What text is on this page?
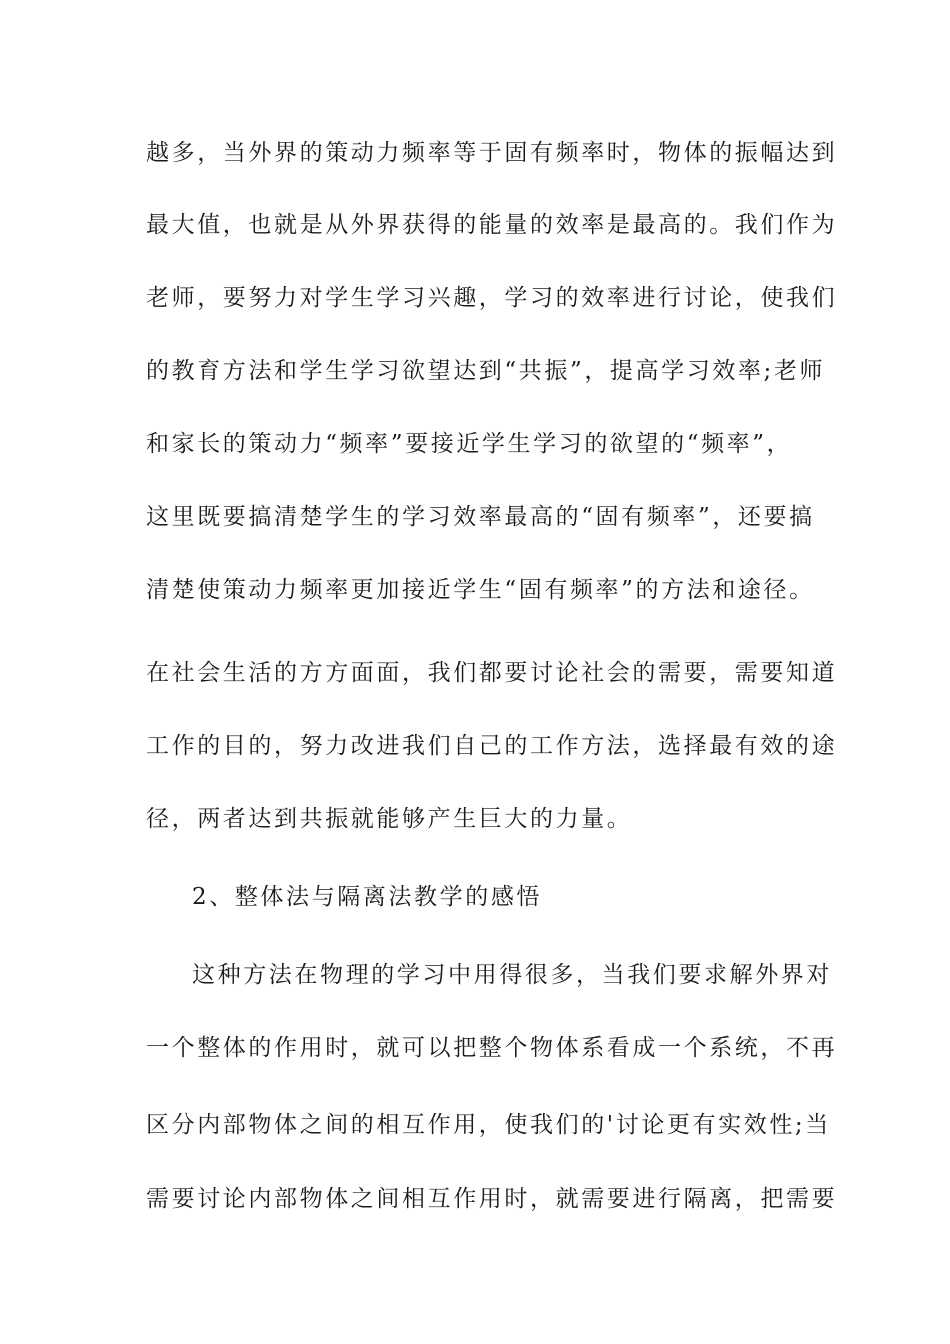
越多，当外界的策动力频率等于固有频率时，物体的振幅达到
最大值，也就是从外界获得的能量的效率是最高的。我们作为
老师，要努力对学生学习兴趣，学习的效率进行讨论，使我们
的教育方法和学生学习欲望达到“共振”，提高学习效率;老师
和家长的策动力“频率”要接近学生学习的欲望的“频率”，
这里既要搞清楚学生的学习效率最高的“固有频率”，还要搞
清楚使策动力频率更加接近学生“固有频率”的方法和途径。
在社会生活的方方面面，我们都要讨论社会的需要，需要知道
工作的目的，努力改进我们自己的工作方法，选择最有效的途
径，两者达到共振就能够产生巨大的力量。
2、整体法与隔离法教学的感悟
这种方法在物理的学习中用得很多，当我们要求解外界对
一个整体的作用时，就可以把整个物体系看成一个系统，不再
区分内部物体之间的相互作用，使我们的'讨论更有实效性;当
需要讨论内部物体之间相互作用时，就需要进行隔离，把需要
